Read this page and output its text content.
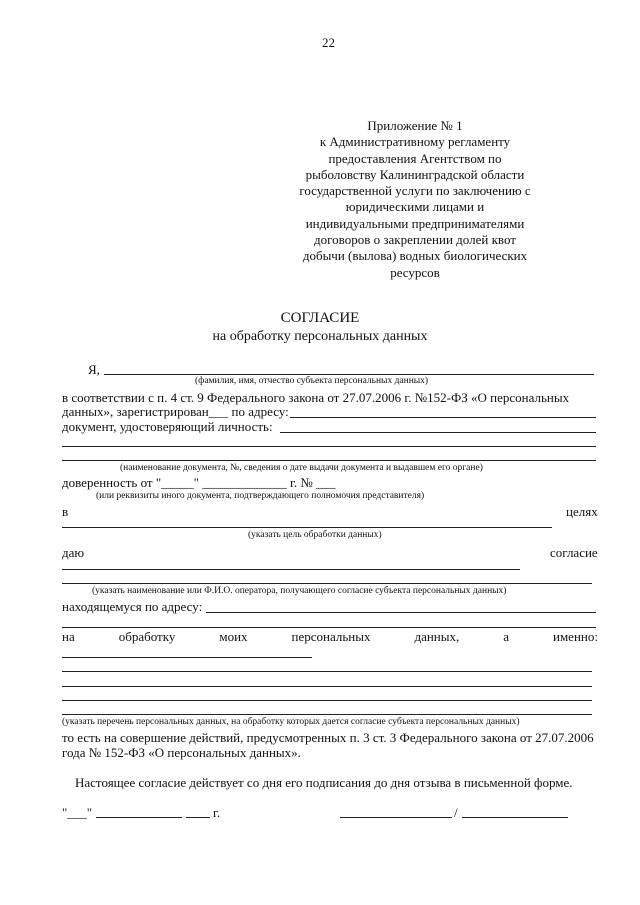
22
Приложение № 1
к Административному регламенту
предоставления Агентством по
рыболовству Калининградской области
государственной услуги по заключению с
юридическими лицами и
индивидуальными предпринимателями
договоров о закреплении долей квот
добычи (вылова) водных биологических
ресурсов
СОГЛАСИЕ
на обработку персональных данных
Я,
(фамилия, имя, отчество субъекта персональных данных)
в соответствии с п. 4 ст. 9 Федерального закона от 27.07.2006 г. №152-ФЗ «О персональных
данных», зарегистрирован___ по адресу:
документ, удостоверяющий личность:
(наименование документа, №, сведения о дате выдачи документа и выдавшем его органе)
доверенность от "_____" _____________ г. № ___
(или реквизиты иного документа, подтверждающего полномочия представителя)
в	целях
(указать цель обработки данных)
даю	согласие
(указать наименование или Ф.И.О. оператора, получающего согласие субъекта персональных данных)
находящемуся по адресу:
на	обработку	моих	персональных	данных,	а	именно:
(указать перечень персональных данных, на обработку которых дается согласие субъекта персональных данных)
то есть на совершение действий, предусмотренных п. 3 ст. 3 Федерального закона от 27.07.2006
года № 152-ФЗ «О персональных данных».
Настоящее согласие действует со дня его подписания до дня отзыва в письменной форме.
"___"	г.	/
